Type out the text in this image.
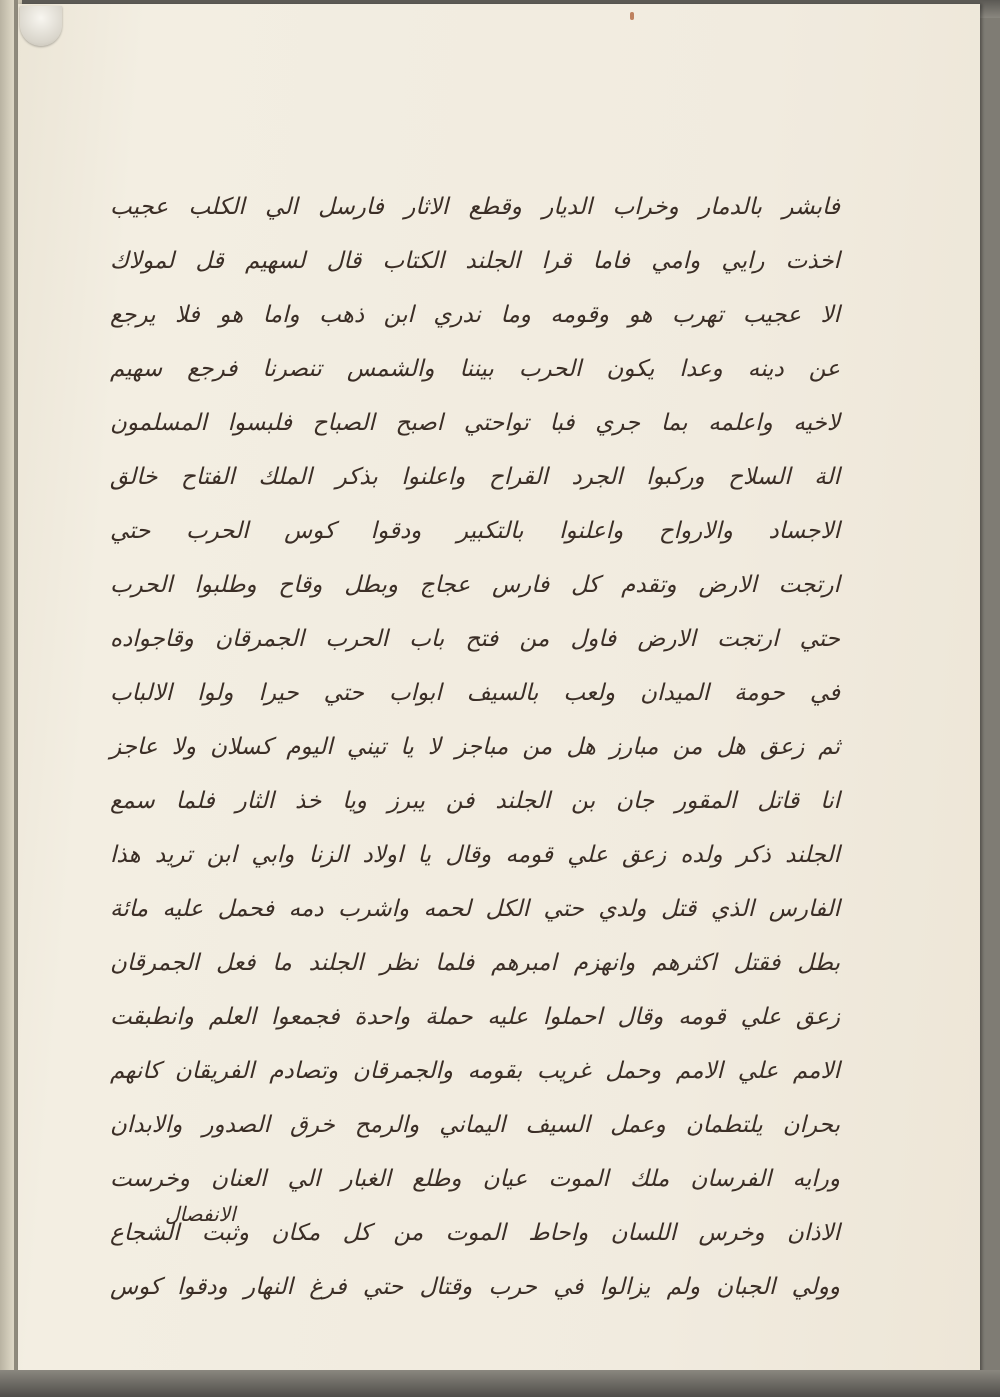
فابشر بالدمار وخراب الديار وقطع الاثار فارسل الي الكلب عجيب
اخذت رايي وامي فاما قرا الجلند الكتاب قال لسهيم قل لمولاك
الا عجيب تهرب هو وقومه وما ندري ابن ذهب واما هو فلا يرجع
عن دينه وعدا يكون الحرب بيننا والشمس تنصرنا فرجع سهيم
لاخيه واعلمه بما جري فبا تواحتي اصبح الصباح فلبسوا المسلمون
الة السلاح وركبوا الجرد القراح واعلنوا بذكر الملك الفتاح خالق
الاجساد والارواح واعلنوا بالتكبير ودقوا كوس الحرب حتي
ارتجت الارض وتقدم كل فارس عجاج وبطل وقاح وطلبوا الحرب
حتي ارتجت الارض فاول من فتح باب الحرب الجمرقان وقاجواده
في حومة الميدان ولعب بالسيف ابواب حتي حيرا ولوا الالباب
ثم زعق هل من مبارز هل من مباجز لا يا تيني اليوم كسلان ولا عاجز
انا قاتل المقور جان بن الجلند فن يبرز ويا خذ الثار فلما سمع
الجلند ذكر ولده زعق علي قومه وقال يا اولاد الزنا وابي ابن تريد هذا
الفارس الذي قتل ولدي حتي الكل لحمه واشرب دمه فحمل عليه مائة
بطل فقتل اكثرهم وانهزم امبرهم فلما نظر الجلند ما فعل الجمرقان
زعق علي قومه وقال احملوا عليه حملة واحدة فجمعوا العلم وانطبقت
الامم علي الامم وحمل غريب بقومه والجمرقان وتصادم الفريقان كانهم
بحران يلتطمان وعمل السيف اليماني والرمح خرق الصدور والابدان
ورايه الفرسان ملك الموت عيان وطلع الغبار الي العنان وخرست
الاذان وخرس اللسان واحاط الموت من كل مكان وثبت الشجاع
وولي الجبان ولم يزالوا في حرب وقتال حتي فرغ النهار ودقوا كوس
الانفصال
